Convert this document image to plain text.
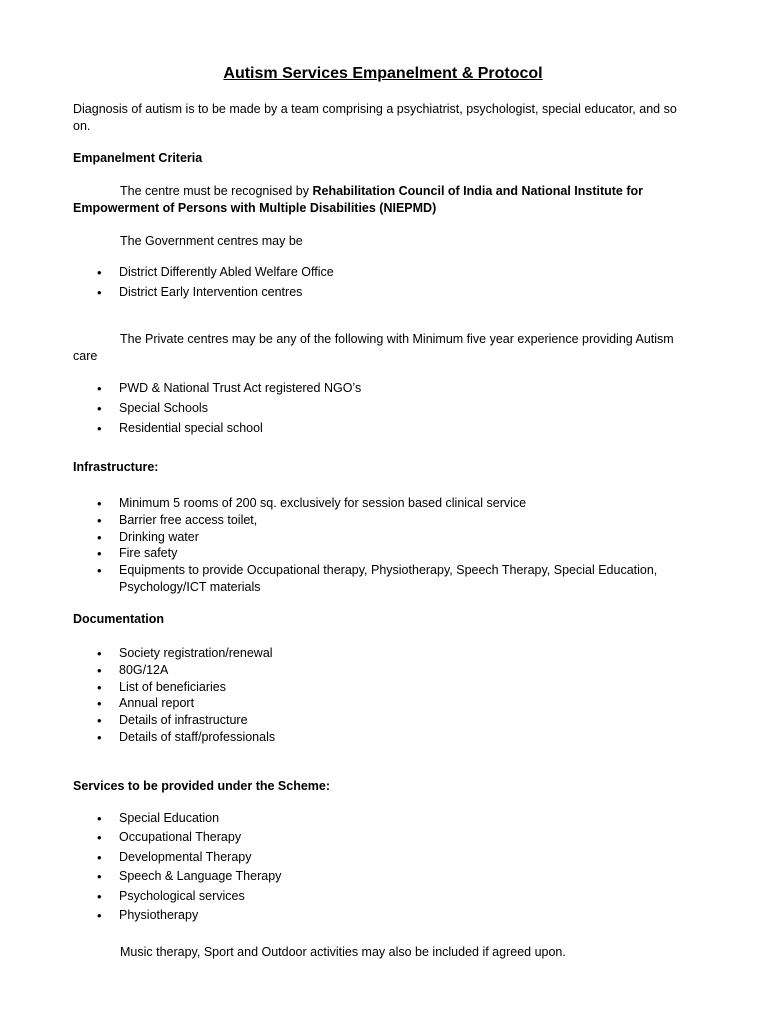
Autism Services Empanelment & Protocol
Diagnosis of autism is to be made by a team comprising a psychiatrist, psychologist, special educator, and so on.
Empanelment Criteria
The centre must be recognised by Rehabilitation Council of India and National Institute for Empowerment of Persons with Multiple Disabilities (NIEPMD)
The Government centres may be
• District Differently Abled Welfare Office
• District Early Intervention centres
The Private centres may be any of the following with Minimum five year experience providing Autism care
• PWD & National Trust Act registered NGO’s
• Special Schools
• Residential special school
Infrastructure:
• Minimum 5 rooms of 200 sq. exclusively for session based clinical service
• Barrier free access toilet,
• Drinking water
• Fire safety
• Equipments to provide Occupational therapy, Physiotherapy, Speech Therapy, Special Education, Psychology/ICT materials
Documentation
• Society registration/renewal
• 80G/12A
• List of beneficiaries
• Annual report
• Details of infrastructure
• Details of staff/professionals
Services to be provided under the Scheme:
• Special Education
• Occupational Therapy
• Developmental Therapy
• Speech & Language Therapy
• Psychological services
• Physiotherapy
Music therapy, Sport and Outdoor activities may also be included if agreed upon.
